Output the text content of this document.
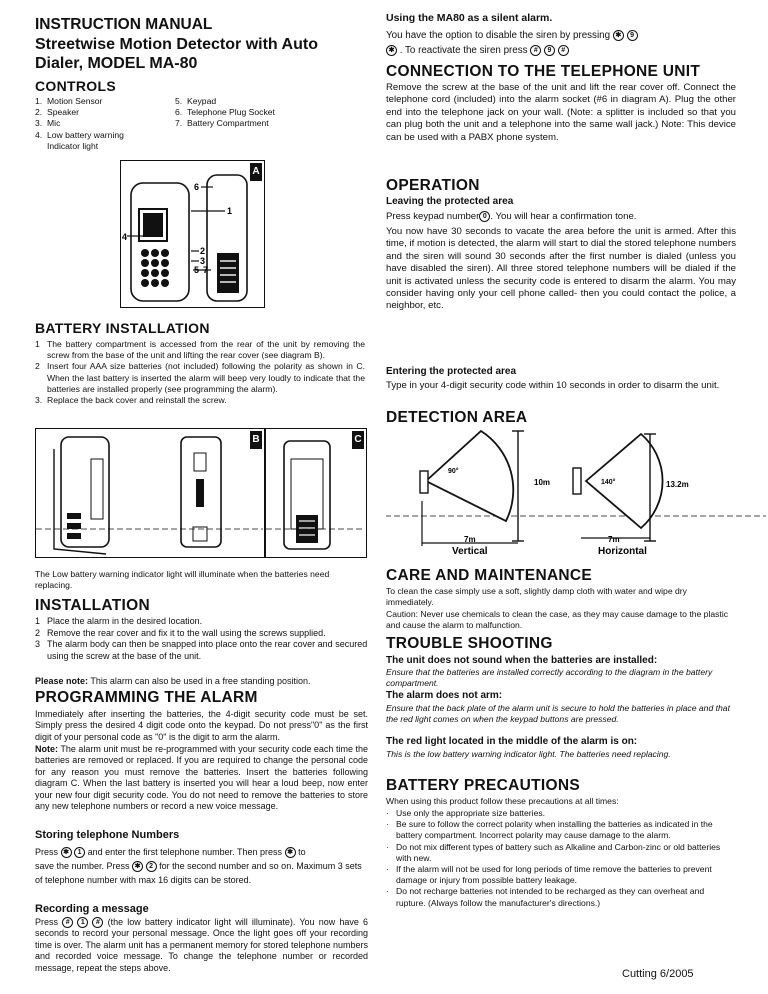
INSTRUCTION MANUAL
Streetwise Motion Detector with Auto
Dialer, MODEL MA-80
CONTROLS
1. Motion Sensor
2. Speaker
3. Mic
4. Low battery warning Indicator light
5. Keypad
6. Telephone Plug Socket
7. Battery Compartment
A
6
1
4
2
3
5 7
BATTERY INSTALLATION
1 The battery compartment is accessed from the rear of the unit by removing the screw from the base of the unit and lifting the rear cover (see diagram B).
2 Insert four AAA size batteries (not included) following the polarity as shown in C. When the last battery is inserted the alarm will beep very loudly to indicate that the batteries are installed properly (see programming the alarm).
3. Replace the back cover and reinstall the screw.
B	C
The Low battery warning indicator light will illuminate when the batteries need replacing.
INSTALLATION
1 Place the alarm in the desired location.
2 Remove the rear cover and fix it to the wall using the screws supplied.
3 The alarm body can then be snapped into place onto the rear cover and secured using the screw at the base of the unit.
Please note: This alarm can also be used in a free standing position.
PROGRAMMING THE ALARM
Immediately after inserting the batteries, the 4-digit security code must be set. Simply press the desired 4 digit code onto the keypad. Do not press"0" as the first digit of your personal code as "0" is the digit to arm the alarm.
Note: The alarm unit must be re-programmed with your security code each time the batteries are removed or replaced. If you are required to change the personal code for any reason you must remove the batteries. Insert the batteries following diagram C. When the last battery is inserted you will hear a loud beep, now enter your new four digit security code. You do not need to remove the batteries to store any new telephone numbers or record a new voice message.
Storing telephone Numbers
Press ✱ 1 and enter the first telephone number. Then press ✱ to
save the number. Press ✱ 2 for the second number and so on. Maximum 3 sets of telephone number with max 16 digits can be stored.
Recording a message
Press # 1 # (the low battery indicator light will illuminate). You now have 6 seconds to record your personal message. Once the light goes off your recording time is over. The alarm unit has a permanent memory for stored telephone numbers and recorded voice message. To change the telephone number or recorded message, repeat the steps above.
Using the MA80 as a silent alarm.
You have the option to disable the siren by pressing ✱ 9
✱ . To reactivate the siren press # 9 #
CONNECTION TO THE TELEPHONE UNIT
Remove the screw at the base of the unit and lift the rear cover off. Connect the telephone cord (included) into the alarm socket (#6 in diagram A). Plug the other end into the telephone jack on your wall. (Note: a splitter is included so that you can plug both the unit and a telephone into the same wall jack.) Note: This device can be used with a PABX phone system.
OPERATION
Leaving the protected area
Press keypad number 0 . You will hear a confirmation tone.
You now have 30 seconds to vacate the area before the unit is armed. After this time, if motion is detected, the alarm will start to dial the stored telephone numbers and the siren will sound 30 seconds after the first number is dialed (unless you have disabled the siren). All three stored telephone numbers will be dialed if the unit is activated unless the security code is entered to disarm the alarm. You may consider having only your cell phone called- then you could contact the police, a neighbor, etc.
Entering the protected area
Type in your 4-digit security code within 10 seconds in order to disarm the unit.
DETECTION AREA
90°
10m
7m
Vertical
140°	13.2m
7m
Horizontal
CARE AND MAINTENANCE
To clean the case simply use a soft, slightly damp cloth with water and wipe dry immediately.
Caution: Never use chemicals to clean the case, as they may cause damage to the plastic and cause the alarm to malfunction.
TROUBLE SHOOTING
The unit does not sound when the batteries are installed:
Ensure that the batteries are installed correctly according to the diagram in the battery compartment.
The alarm does not arm:
Ensure that the back plate of the alarm unit is secure to hold the batteries in place and that the red light comes on when the keypad buttons are pressed.
The red light located in the middle of the alarm is on:
This is the low battery warning indicator light. The batteries need replacing.
BATTERY PRECAUTIONS
When using this product follow these precautions at all times:
· Use only the appropriate size batteries.
· Be sure to follow the correct polarity when installing the batteries as indicated in the battery compartment. Incorrect polarity may cause damage to the alarm.
· Do not mix different types of battery such as Alkaline and Carbon-zinc or old batteries with new.
· If the alarm will not be used for long periods of time remove the batteries to prevent damage or injury from possible battery leakage.
· Do not recharge batteries not intended to be recharged as they can overheat and rupture. (Always follow the manufacturer's directions.)
Cutting 6/2005
